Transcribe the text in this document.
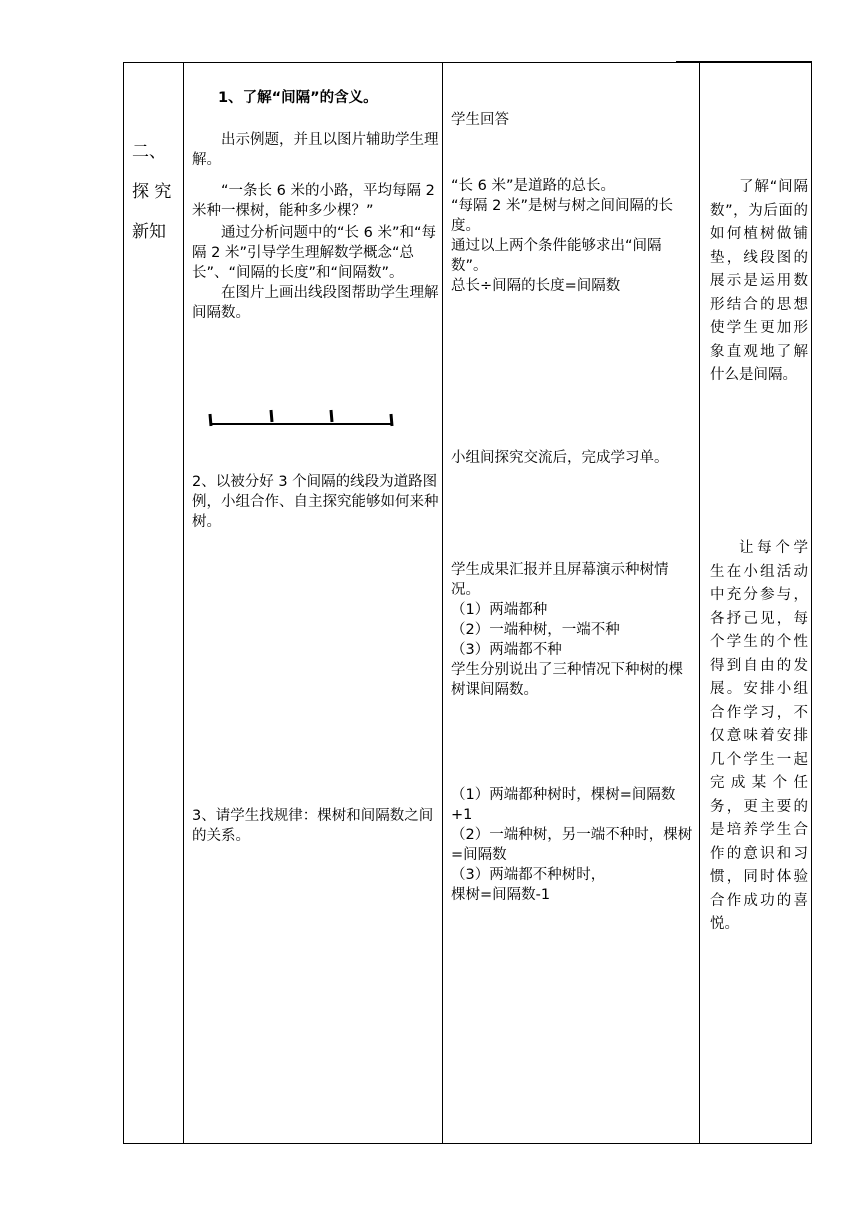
二、
探 究
新知

1、了解“间隔”的含义。

出示例题，并且以图片辅助学生理解。

“一条长 6 米的小路，平均每隔 2 米种一棵树，能种多少棵？”

通过分析问题中的“长 6 米”和“每隔 2 米”引导学生理解数学概念“总长”、“间隔的长度”和“间隔数”。

在图片上画出线段图帮助学生理解间隔数。

2、以被分好 3 个间隔的线段为道路图例，小组合作、自主探究能够如何来种树。

3、请学生找规律：棵树和间隔数之间的关系。

学生回答

“长 6 米”是道路的总长。

“每隔 2 米”是树与树之间间隔的长度。

通过以上两个条件能够求出“间隔数”。

总长÷间隔的长度=间隔数

小组间探究交流后，完成学习单。

学生成果汇报并且屏幕演示种树情况。

（1）两端都种

（2）一端种树，一端不种

（3）两端都不种

学生分别说出了三种情况下种树的棵树课间隔数。

（1）两端都种树时，棵树=间隔数+1

（2）一端种树，另一端不种时，棵树=间隔数

（3）两端都不种树时，

棵树=间隔数-1

了解“间隔数”，为后面的如何植树做铺垫，线段图的展示是运用数形结合的思想使学生更加形象直观地了解什么是间隔。

让每个学生在小组活动中充分参与，各抒己见，每个学生的个性得到自由的发展。安排小组合作学习，不仅意味着安排几个学生一起完成某个任务，更主要的是培养学生合作的意识和习惯，同时体验合作成功的喜悦。
